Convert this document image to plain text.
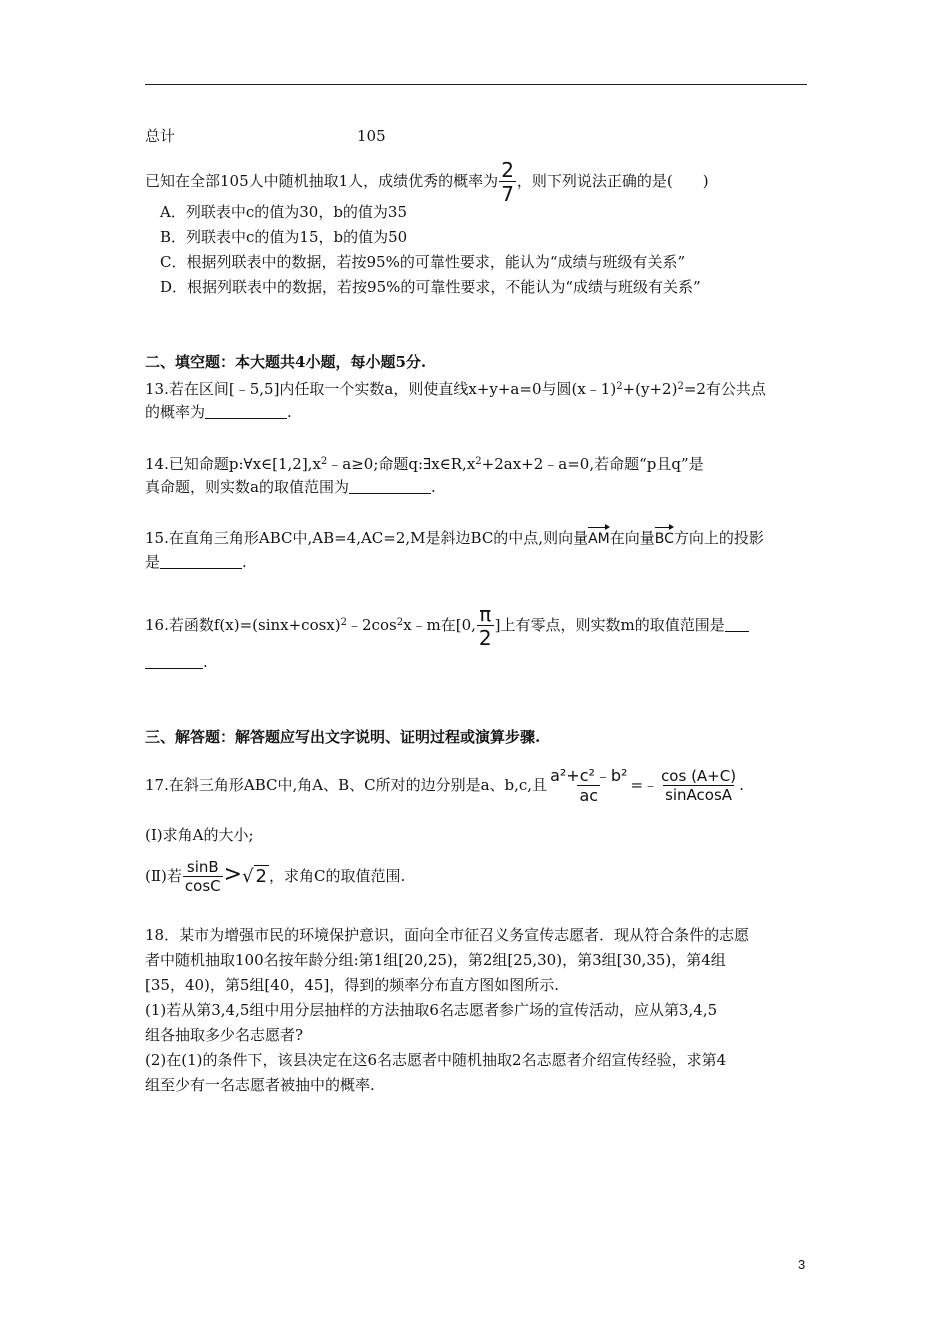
总计	105
已知在全部105人中随机抽取1人，成绩优秀的概率为 $\frac{2}{7}$ ，则下列说法正确的是(　　)
A．列联表中c的值为30，b的值为35
B．列联表中c的值为15，b的值为50
C．根据列联表中的数据，若按95%的可靠性要求，能认为“成绩与班级有关系”
D．根据列联表中的数据，若按95%的可靠性要求，不能认为“成绩与班级有关系”
二、填空题：本大题共4小题，每小题5分.
13.若在区间[﹣5,5]内任取一个实数a，则使直线x+y+a=0与圆$(x﹣1)^2+(y+2)^2=2$有公共点
的概率为	.
14.已知命题$p:\forall x\in[1,2],x^2﹣a\ge 0$;命题$q:\exists x\in R,x^2+2ax+2﹣a=0$,若命题“p且q”是
真命题，则实数a的取值范围为	.
15.在直角三角形ABC中,AB=4,AC=2,M是斜边BC的中点,则向量AM在向量BC方向上的投影
是	.
16.若函数$f(x)=(\sin x+\cos x)^2﹣2\cos^2x﹣m$在[0, $\frac{\pi}{2}$ ]上有零点，则实数m的取值范围是
.
三、解答题：解答题应写出文字说明、证明过程或演算步骤.
17.在斜三角形ABC中,角A、B、C所对的边分别是a、b,c,且 $\frac{\text{a²+c²﹣b²}}{ac}$ =﹣ $\frac{\cos (A+C)}{\text{sinAcosA}}$ .
(Ⅰ)求角A的大小;
(Ⅱ)若 $\frac{\sin B}{\cos C}$ >√ 2 ，求角C的取值范围.
18．某市为增强市民的环境保护意识，面向全市征召义务宣传志愿者．现从符合条件的志愿
者中随机抽取100名按年龄分组:第1组[20,25)，第2组[25,30)，第3组[30,35)，第4组
[35，40)，第5组[40，45]，得到的频率分布直方图如图所示.
(1)若从第3,4,5组中用分层抽样的方法抽取6名志愿者参广场的宣传活动，应从第3,4,5
组各抽取多少名志愿者?
(2)在(1)的条件下，该县决定在这6名志愿者中随机抽取2名志愿者介绍宣传经验，求第4
组至少有一名志愿者被抽中的概率.
3
